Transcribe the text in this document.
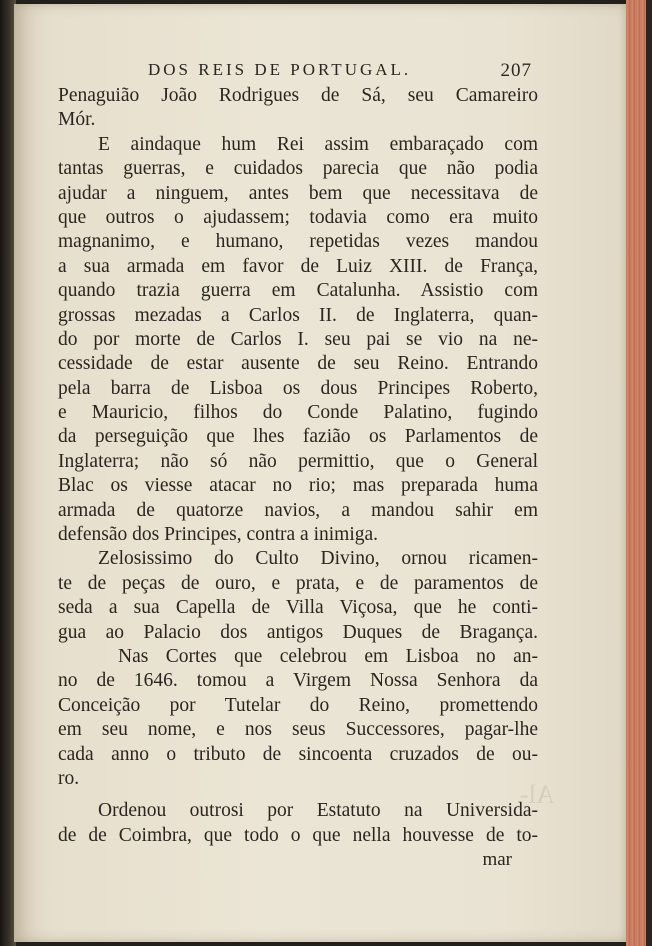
Al-
DOS REIS DE PORTUGAL.	207
Penaguião João Rodrigues de Sá, seu Camareiro
Mór.
E aindaque hum Rei assim embaraçado com
tantas guerras, e cuidados parecia que não podia
ajudar a ninguem, antes bem que necessitava de
que outros o ajudassem; todavia como era muito
magnanimo, e humano, repetidas vezes mandou
a sua armada em favor de Luiz XIII. de França,
quando trazia guerra em Catalunha. Assistio com
grossas mezadas a Carlos II. de Inglaterra, quan-
do por morte de Carlos I. seu pai se vio na ne-
cessidade de estar ausente de seu Reino. Entrando
pela barra de Lisboa os dous Principes Roberto,
e Mauricio, filhos do Conde Palatino, fugindo
da perseguição que lhes fazião os Parlamentos de
Inglaterra; não só não permittio, que o General
Blac os viesse atacar no rio; mas preparada huma
armada de quatorze navios, a mandou sahir em
defensão dos Principes, contra a inimiga.
Zelosissimo do Culto Divino, ornou ricamen-
te de peças de ouro, e prata, e de paramentos de
seda a sua Capella de Villa Viçosa, que he conti-
gua ao Palacio dos antigos Duques de Bragança.
Nas Cortes que celebrou em Lisboa no an-
no de 1646. tomou a Virgem Nossa Senhora da
Conceição por Tutelar do Reino, promettendo
em seu nome, e nos seus Successores, pagar-lhe
cada anno o tributo de sincoenta cruzados de ou-
ro.
Ordenou outrosi por Estatuto na Universida-
de de Coimbra, que todo o que nella houvesse de to-
mar
